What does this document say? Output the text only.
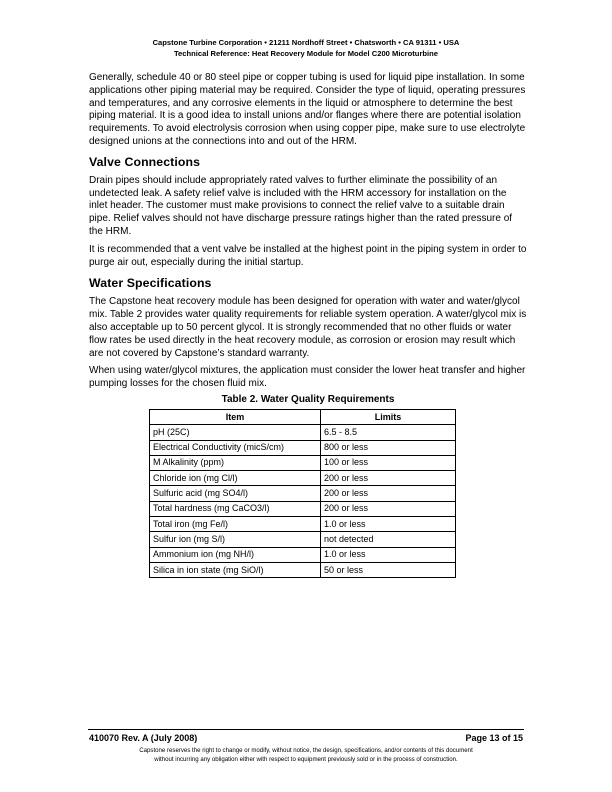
Capstone Turbine Corporation • 21211 Nordhoff Street • Chatsworth • CA 91311 • USA
Technical Reference: Heat Recovery Module for Model C200 Microturbine

Generally, schedule 40 or 80 steel pipe or copper tubing is used for liquid pipe installation. In some applications other piping material may be required. Consider the type of liquid, operating pressures and temperatures, and any corrosive elements in the liquid or atmosphere to determine the best piping material. It is a good idea to install unions and/or flanges where there are potential isolation requirements. To avoid electrolysis corrosion when using copper pipe, make sure to use electrolyte designed unions at the connections into and out of the HRM.

Valve Connections

Drain pipes should include appropriately rated valves to further eliminate the possibility of an undetected leak. A safety relief valve is included with the HRM accessory for installation on the inlet header. The customer must make provisions to connect the relief valve to a suitable drain pipe. Relief valves should not have discharge pressure ratings higher than the rated pressure of the HRM.

It is recommended that a vent valve be installed at the highest point in the piping system in order to purge air out, especially during the initial startup.

Water Specifications

The Capstone heat recovery module has been designed for operation with water and water/glycol mix. Table 2 provides water quality requirements for reliable system operation. A water/glycol mix is also acceptable up to 50 percent glycol. It is strongly recommended that no other fluids or water flow rates be used directly in the heat recovery module, as corrosion or erosion may result which are not covered by Capstone’s standard warranty.

When using water/glycol mixtures, the application must consider the lower heat transfer and higher pumping losses for the chosen fluid mix.

Table 2. Water Quality Requirements
Item	Limits
pH (25C)	6.5 - 8.5
Electrical Conductivity (micS/cm)	800 or less
M Alkalinity (ppm)	100 or less
Chloride ion (mg Cl/l)	200 or less
Sulfuric acid (mg SO4/l)	200 or less
Total hardness (mg CaCO3/l)	200 or less
Total iron (mg Fe/l)	1.0 or less
Sulfur ion (mg S/l)	not detected
Ammonium ion (mg NH/l)	1.0 or less
Silica in ion state (mg SiO/l)	50 or less
410070 Rev. A (July 2008)	Page 13 of 15
Capstone reserves the right to change or modify, without notice, the design, specifications, and/or contents of this document
without incurring any obligation either with respect to equipment previously sold or in the process of construction.
